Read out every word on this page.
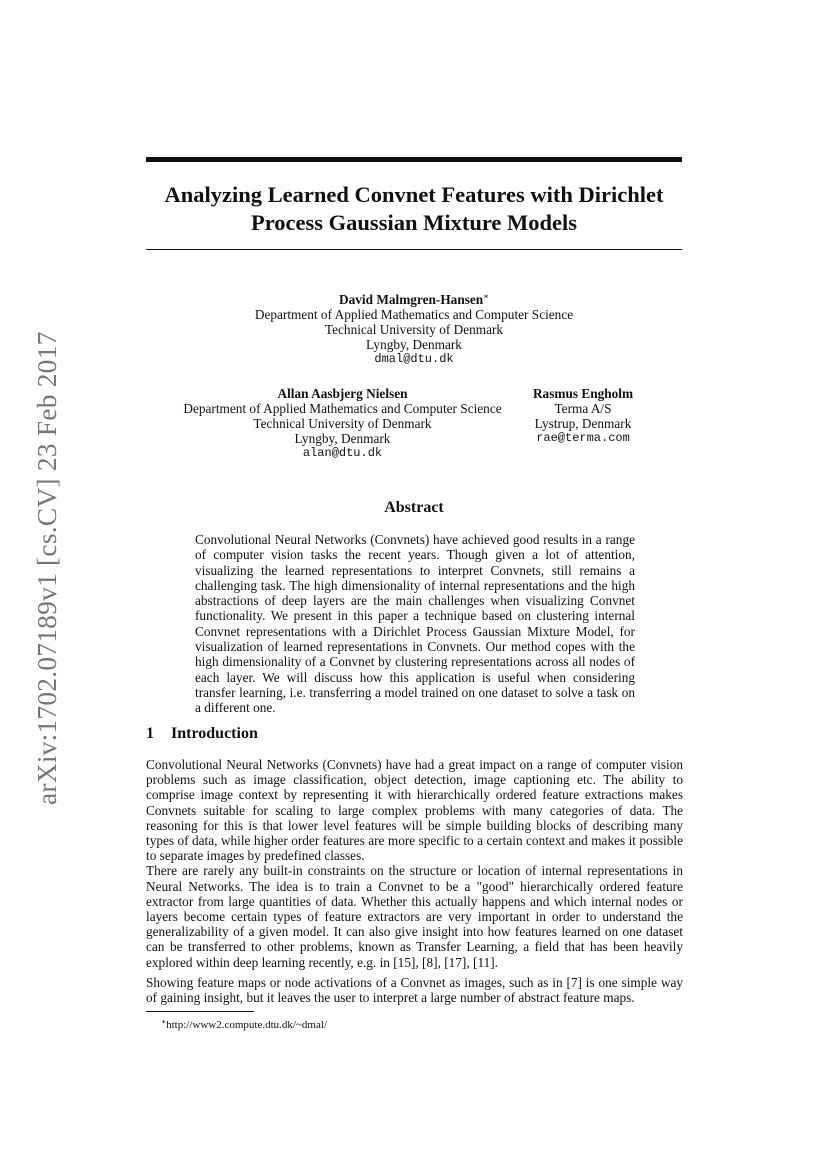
arXiv:1702.07189v1 [cs.CV] 23 Feb 2017
Analyzing Learned Convnet Features with Dirichlet Process Gaussian Mixture Models
David Malmgren-Hansen∗
Department of Applied Mathematics and Computer Science
Technical University of Denmark
Lyngby, Denmark
dmal@dtu.dk
Allan Aasbjerg Nielsen
Department of Applied Mathematics and Computer Science
Technical University of Denmark
Lyngby, Denmark
alan@dtu.dk
Rasmus Engholm
Terma A/S
Lystrup, Denmark
rae@terma.com
Abstract
Convolutional Neural Networks (Convnets) have achieved good results in a range of computer vision tasks the recent years. Though given a lot of attention, visualizing the learned representations to interpret Convnets, still remains a challenging task. The high dimensionality of internal representations and the high abstractions of deep layers are the main challenges when visualizing Convnet functionality. We present in this paper a technique based on clustering internal Convnet representations with a Dirichlet Process Gaussian Mixture Model, for visualization of learned representations in Convnets. Our method copes with the high dimensionality of a Convnet by clustering representations across all nodes of each layer. We will discuss how this application is useful when considering transfer learning, i.e. transferring a model trained on one dataset to solve a task on a different one.
1 Introduction

Convolutional Neural Networks (Convnets) have had a great impact on a range of computer vision problems such as image classification, object detection, image captioning etc. The ability to comprise image context by representing it with hierarchically ordered feature extractions makes Convnets suitable for scaling to large complex problems with many categories of data. The reasoning for this is that lower level features will be simple building blocks of describing many types of data, while higher order features are more specific to a certain context and makes it possible to separate images by predefined classes.

There are rarely any built-in constraints on the structure or location of internal representations in Neural Networks. The idea is to train a Convnet to be a "good" hierarchically ordered feature extractor from large quantities of data. Whether this actually happens and which internal nodes or layers become certain types of feature extractors are very important in order to understand the generalizability of a given model. It can also give insight into how features learned on one dataset can be transferred to other problems, known as Transfer Learning, a field that has been heavily explored within deep learning recently, e.g. in [15], [8], [17], [11].

Showing feature maps or node activations of a Convnet as images, such as in [7] is one simple way of gaining insight, but it leaves the user to interpret a large number of abstract feature maps.

∗http://www2.compute.dtu.dk/~dmal/
